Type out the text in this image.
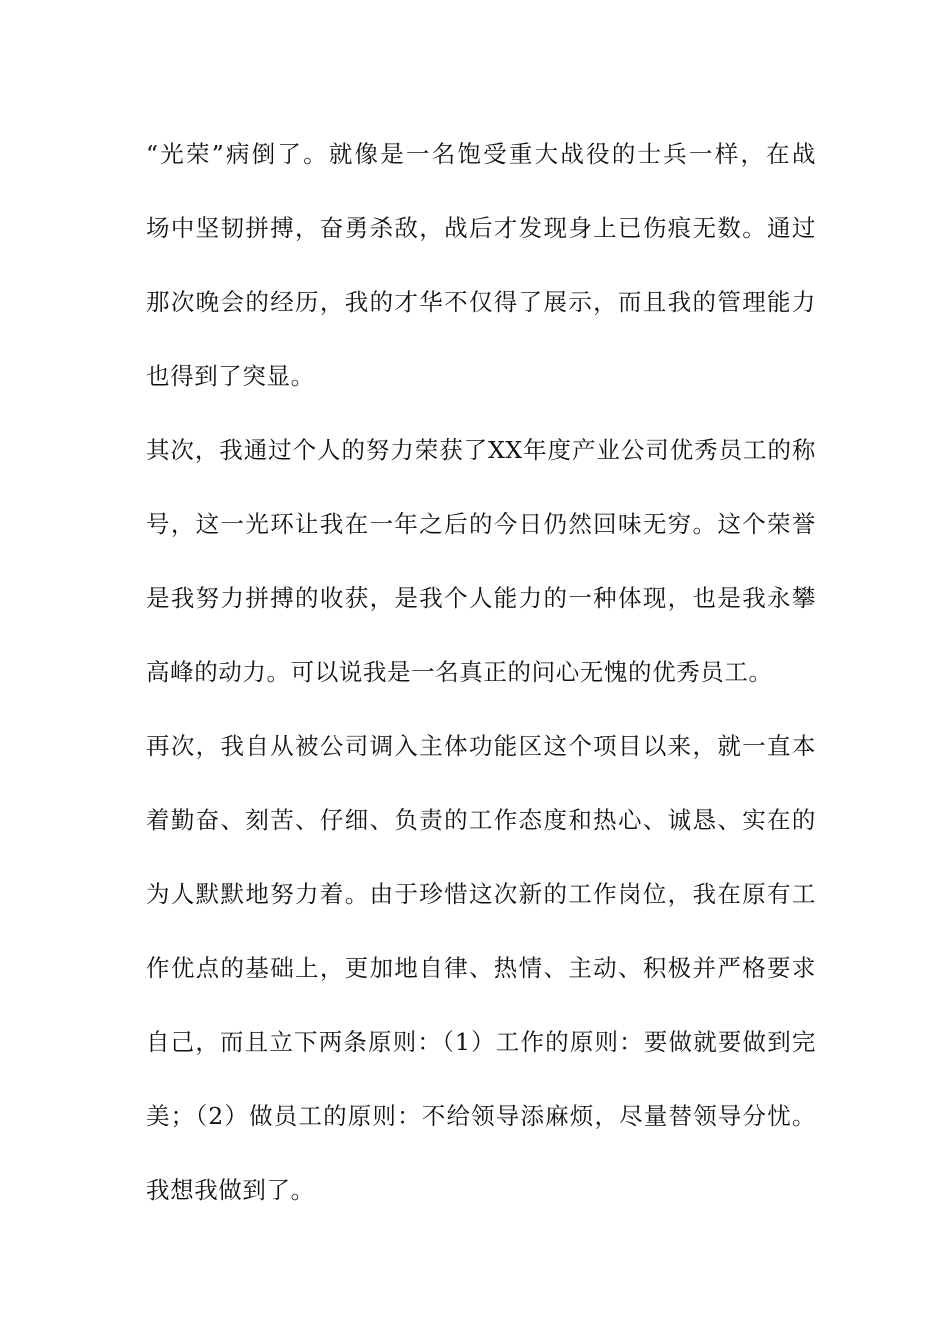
“光荣”病倒了。就像是一名饱受重大战役的士兵一样，在战
场中坚韧拼搏，奋勇杀敌，战后才发现身上已伤痕无数。通过
那次晚会的经历，我的才华不仅得了展示，而且我的管理能力
也得到了突显。
其次，我通过个人的努力荣获了XX年度产业公司优秀员工的称
号，这一光环让我在一年之后的今日仍然回味无穷。这个荣誉
是我努力拼搏的收获，是我个人能力的一种体现，也是我永攀
高峰的动力。可以说我是一名真正的问心无愧的优秀员工。
再次，我自从被公司调入主体功能区这个项目以来，就一直本
着勤奋、刻苦、仔细、负责的工作态度和热心、诚恳、实在的
为人默默地努力着。由于珍惜这次新的工作岗位，我在原有工
作优点的基础上，更加地自律、热情、主动、积极并严格要求
自己，而且立下两条原则：（1）工作的原则：要做就要做到完
美；（2）做员工的原则：不给领导添麻烦，尽量替领导分忧。
我想我做到了。
